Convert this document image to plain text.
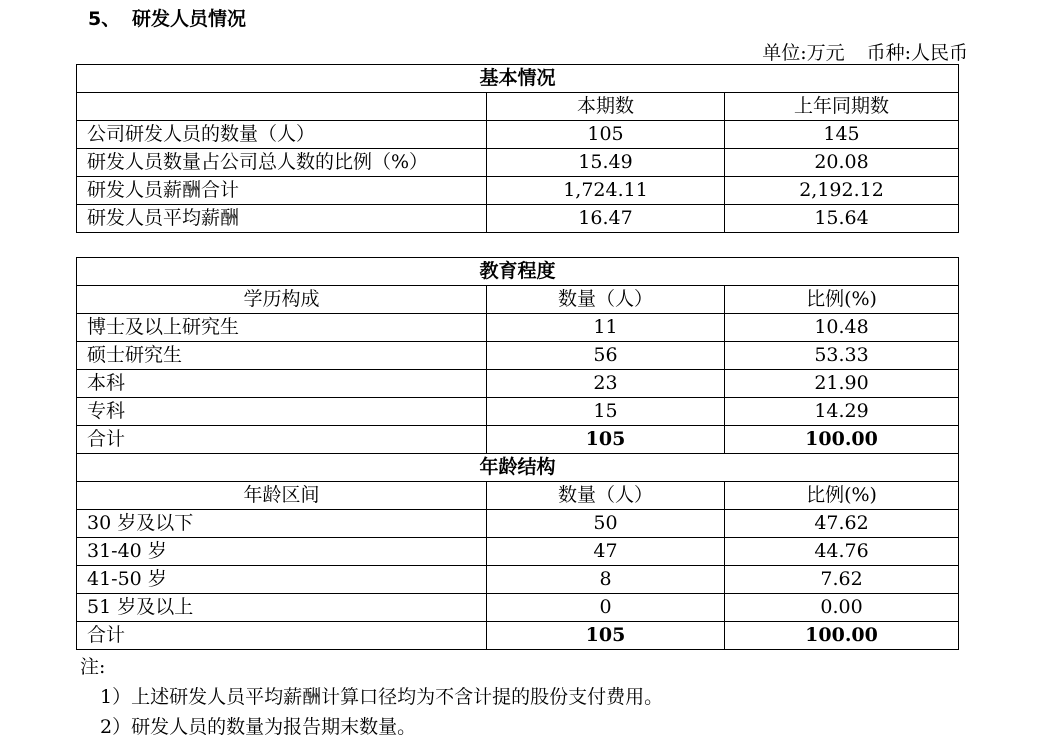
5、 研发人员情况
单位:万元 币种:人民币
基本情况		
	本期数	上年同期数
公司研发人员的数量（人）	105	145
研发人员数量占公司总人数的比例（%）	15.49	20.08
研发人员薪酬合计	1,724.11	2,192.12
研发人员平均薪酬	16.47	15.64
教育程度		
学历构成	数量（人）	比例(%)
博士及以上研究生	11	10.48
硕士研究生	56	53.33
本科	23	21.90
专科	15	14.29
合计	105	100.00
年龄结构		
年龄区间	数量（人）	比例(%)
30 岁及以下	50	47.62
31-40 岁	47	44.76
41-50 岁	8	7.62
51 岁及以上	0	0.00
合计	105	100.00
注:
1）上述研发人员平均薪酬计算口径均为不含计提的股份支付费用。
2）研发人员的数量为报告期末数量。
